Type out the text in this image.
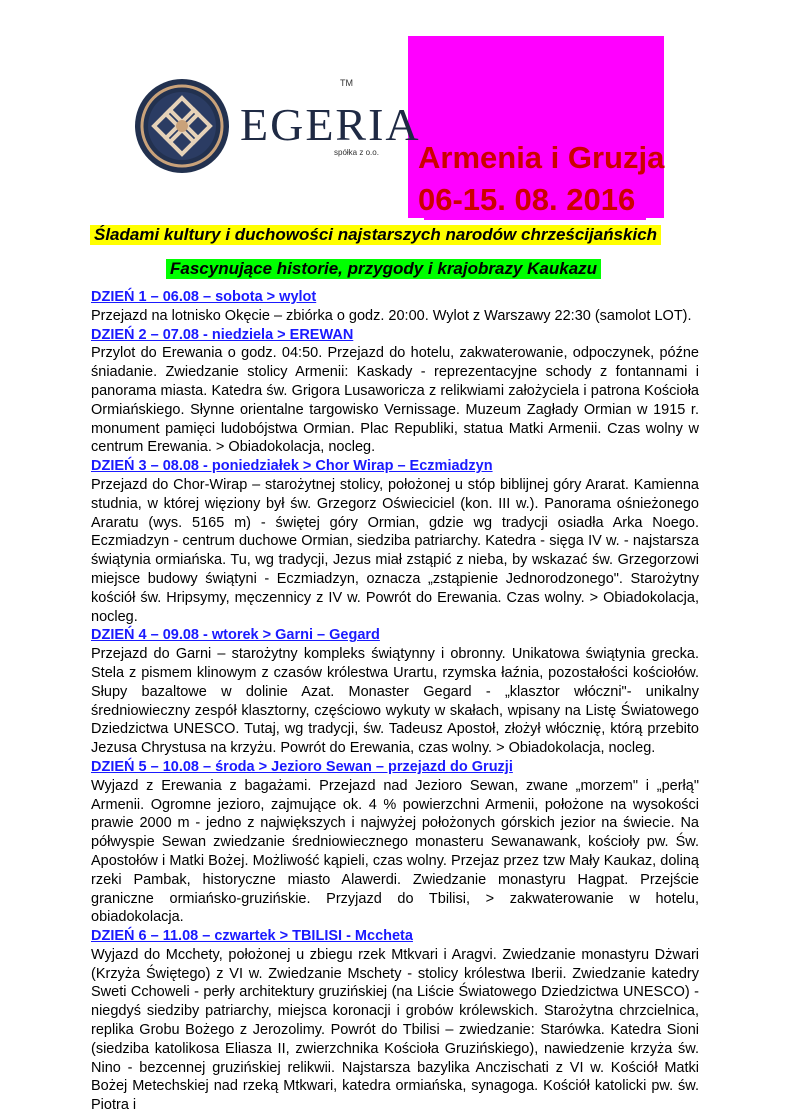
EGERIA
spółka z o.o.
TM
Armenia i Gruzja
06-15. 08. 2016
Śladami kultury i duchowości najstarszych narodów chrześcijańskich
Fascynujące historie, przygody i krajobrazy Kaukazu
DZIEŃ 1 – 06.08 – sobota > wylot
Przejazd na lotnisko Okęcie – zbiórka o godz. 20:00. Wylot z Warszawy 22:30 (samolot LOT).
DZIEŃ 2 – 07.08 - niedziela > EREWAN
Przylot do Erewania o godz. 04:50. Przejazd do hotelu, zakwaterowanie, odpoczynek, późne śniadanie. Zwiedzanie stolicy Armenii: Kaskady - reprezentacyjne schody z fontannami i panorama miasta. Katedra św. Grigora Lusaworicza z relikwiami założyciela i patrona Kościoła Ormiańskiego. Słynne orientalne targowisko Vernissage. Muzeum Zagłady Ormian w 1915 r. monument pamięci ludobójstwa Ormian. Plac Republiki, statua Matki Armenii. Czas wolny w centrum Erewania. > Obiadokolacja, nocleg.
DZIEŃ 3 – 08.08 - poniedziałek > Chor Wirap – Eczmiadzyn
Przejazd do Chor-Wirap – starożytnej stolicy, położonej u stóp biblijnej góry Ararat. Kamienna studnia, w której więziony był św. Grzegorz Oświeciciel (kon. III w.). Panorama ośnieżonego Araratu (wys. 5165 m) - świętej góry Ormian, gdzie wg tradycji osiadła Arka Noego. Eczmiadzyn - centrum duchowe Ormian, siedziba patriarchy. Katedra - sięga IV w. - najstarsza świątynia ormiańska. Tu, wg tradycji, Jezus miał zstąpić z nieba, by wskazać św. Grzegorzowi miejsce budowy świątyni - Eczmiadzyn, oznacza „zstąpienie Jednorodzonego". Starożytny kościół św. Hripsymy, męczennicy z IV w. Powrót do Erewania. Czas wolny. > Obiadokolacja, nocleg.
DZIEŃ 4 – 09.08 - wtorek > Garni – Gegard
Przejazd do Garni – starożytny kompleks świątynny i obronny. Unikatowa świątynia grecka. Stela z pismem klinowym z czasów królestwa Urartu, rzymska łaźnia, pozostałości kościołów. Słupy bazaltowe w dolinie Azat. Monaster Gegard - „klasztor włóczni"- unikalny średniowieczny zespół klasztorny, częściowo wykuty w skałach, wpisany na Listę Światowego Dziedzictwa UNESCO. Tutaj, wg tradycji, św. Tadeusz Apostoł, złożył włócznię, którą przebito Jezusa Chrystusa na krzyżu. Powrót do Erewania, czas wolny. > Obiadokolacja, nocleg.
DZIEŃ 5 – 10.08 – środa > Jezioro Sewan – przejazd do Gruzji
Wyjazd z Erewania z bagażami. Przejazd nad Jezioro Sewan, zwane „morzem" i „perłą" Armenii. Ogromne jezioro, zajmujące ok. 4 % powierzchni Armenii, położone na wysokości prawie 2000 m - jedno z największych i najwyżej położonych górskich jezior na świecie. Na półwyspie Sewan zwiedzanie średniowiecznego monasteru Sewanawank, kościoły pw. Św. Apostołów i Matki Bożej. Możliwość kąpieli, czas wolny. Przejaz przez tzw Mały Kaukaz, doliną rzeki Pambak, historyczne miasto Alawerdi. Zwiedzanie monastyru Hagpat. Przejście graniczne ormiańsko-gruzińskie. Przyjazd do Tbilisi, > zakwaterowanie w hotelu, obiadokolacja.
DZIEŃ 6 – 11.08 – czwartek > TBILISI - Mccheta
Wyjazd do Mcchety, położonej u zbiegu rzek Mtkvari i Aragvi. Zwiedzanie monastyru Dżwari (Krzyża Świętego) z VI w. Zwiedzanie Mschety - stolicy królestwa Iberii. Zwiedzanie katedry Sweti Cchoweli - perły architektury gruzińskiej (na Liście Światowego Dziedzictwa UNESCO) - niegdyś siedziby patriarchy, miejsca koronacji i grobów królewskich. Starożytna chrzcielnica, replika Grobu Bożego z Jerozolimy. Powrót do Tbilisi – zwiedzanie: Starówka. Katedra Sioni (siedziba katolikosa Eliasza II, zwierzchnika Kościoła Gruzińskiego), nawiedzenie krzyża św. Nino - bezcennej gruzińskiej relikwii. Najstarsza bazylika Anczischati z VI w. Kościół Matki Bożej Metechskiej nad rzeką Mtkwari, katedra ormiańska, synagoga. Kościół katolicki pw. św. Piotra i
